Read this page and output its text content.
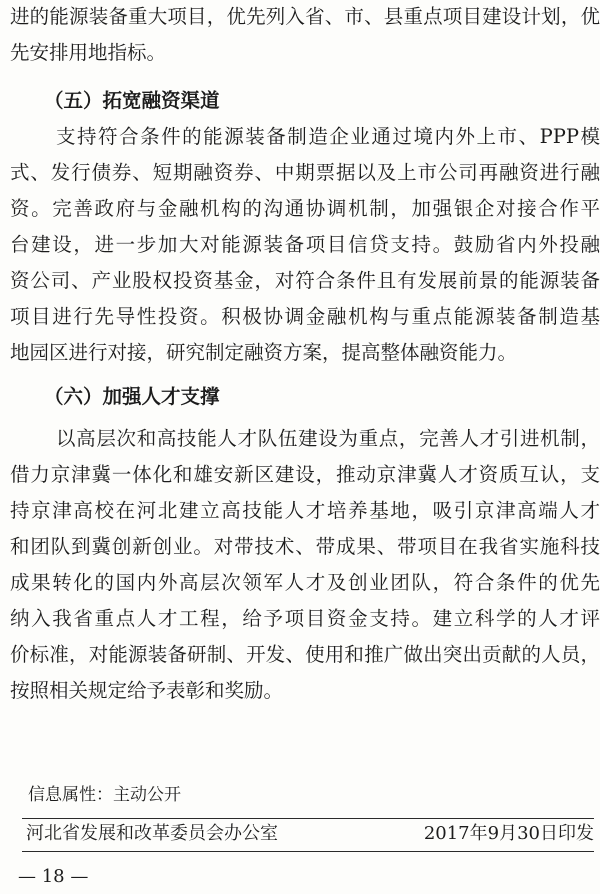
进的能源装备重大项目，优先列入省、市、县重点项目建设计划，优
先安排用地指标。
（五）拓宽融资渠道
支持符合条件的能源装备制造企业通过境内外上市、PPP模
式、发行债券、短期融资券、中期票据以及上市公司再融资进行融
资。完善政府与金融机构的沟通协调机制，加强银企对接合作平
台建设，进一步加大对能源装备项目信贷支持。鼓励省内外投融
资公司、产业股权投资基金，对符合条件且有发展前景的能源装备
项目进行先导性投资。积极协调金融机构与重点能源装备制造基
地园区进行对接，研究制定融资方案，提高整体融资能力。
（六）加强人才支撑
以高层次和高技能人才队伍建设为重点，完善人才引进机制，
借力京津冀一体化和雄安新区建设，推动京津冀人才资质互认，支
持京津高校在河北建立高技能人才培养基地，吸引京津高端人才
和团队到冀创新创业。对带技术、带成果、带项目在我省实施科技
成果转化的国内外高层次领军人才及创业团队，符合条件的优先
纳入我省重点人才工程，给予项目资金支持。建立科学的人才评
价标准，对能源装备研制、开发、使用和推广做出突出贡献的人员，
按照相关规定给予表彰和奖励。
信息属性：主动公开
河北省发展和改革委员会办公室	2017年9月30日印发
— 18 —
